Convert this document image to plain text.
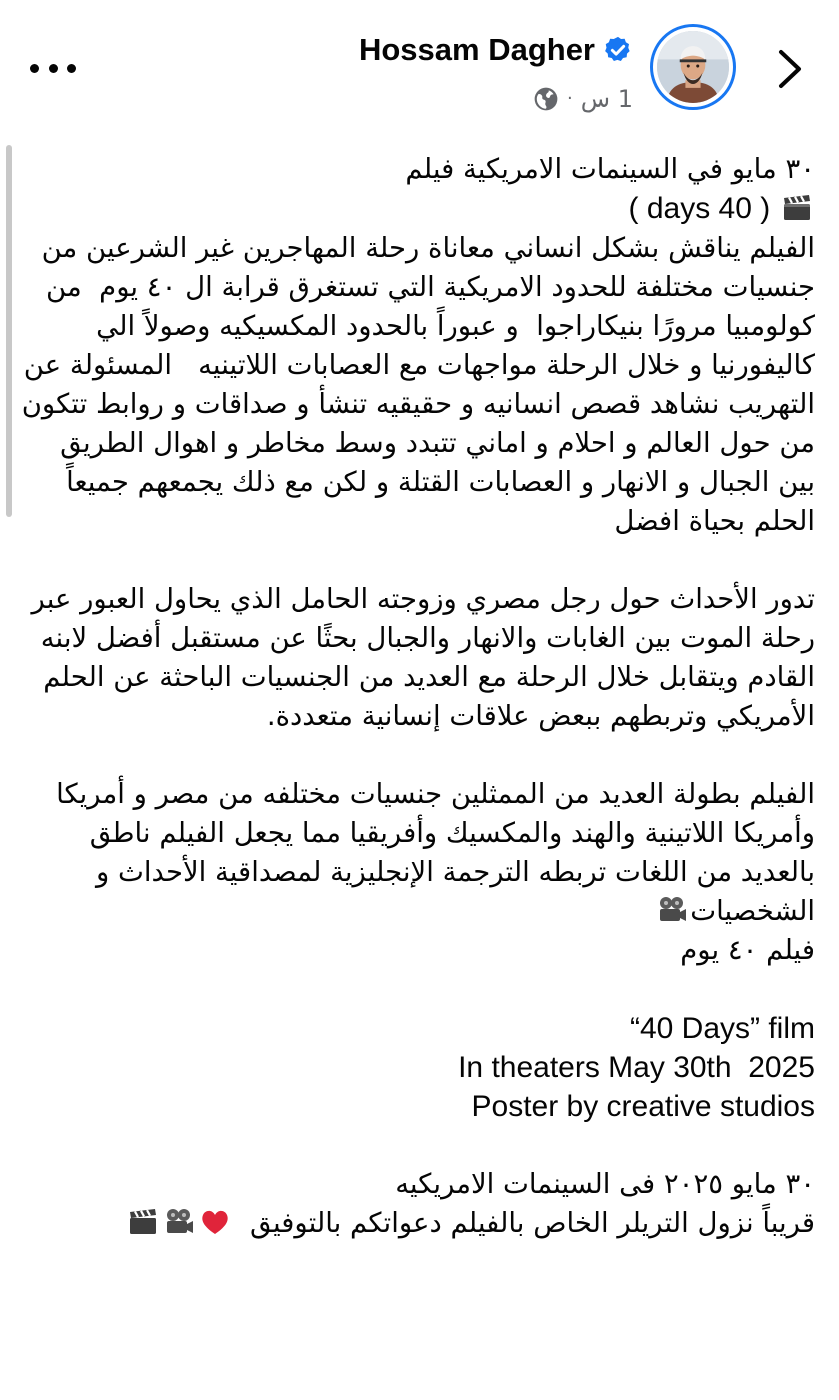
Hossam Dagher
· 1 س

٣٠ مايو في السينمات الامريكية فيلم

( 40 days )

الفيلم يناقش بشكل انساني معاناة رحلة المهاجرين غير الشرعين من جنسيات مختلفة للحدود الامريكية التي تستغرق قرابة ال ٤٠ يوم  من كولومبيا مرورًا بنيكاراجوا  و عبوراً بالحدود المكسيكيه وصولاً الي كاليفورنيا و خلال الرحلة مواجهات مع العصابات اللاتينيه   المسئولة عن التهريب نشاهد قصص انسانيه و حقيقيه تنشأ و صداقات و روابط تتكون من حول العالم و احلام و اماني تتبدد وسط مخاطر و اهوال الطريق بين الجبال و الانهار و العصابات القتلة و لكن مع ذلك يجمعهم جميعاً الحلم بحياة افضل

تدور الأحداث حول رجل مصري وزوجته الحامل الذي يحاول العبور عبر رحلة الموت بين الغابات والانهار والجبال بحثًا عن مستقبل أفضل لابنه القادم ويتقابل خلال الرحلة مع العديد من الجنسيات الباحثة عن الحلم الأمريكي وتربطهم ببعض علاقات إنسانية متعددة.

الفيلم بطولة العديد من الممثلين جنسيات مختلفه من مصر و أمريكا وأمريكا اللاتينية والهند والمكسيك وأفريقيا مما يجعل الفيلم ناطق بالعديد من اللغات تربطه الترجمة الإنجليزية لمصداقية الأحداث و الشخصيات

فيلم ٤٠ يوم

“40 Days” film

In theaters May 30th  2025

Poster by creative studios

٣٠ مايو ٢٠٢٥ فى السينمات الامريكيه

قريباً نزول التريلر الخاص بالفيلم دعواتكم بالتوفيق
